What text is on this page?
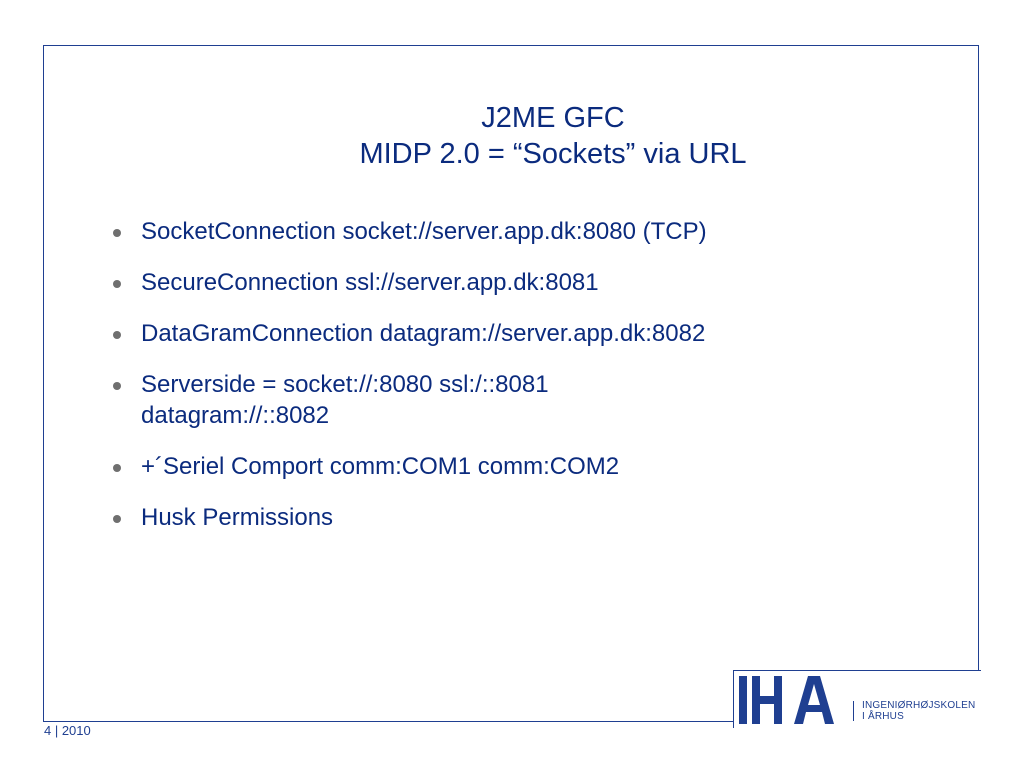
J2ME GFC
MIDP 2.0 = “Sockets” via URL
SocketConnection socket://server.app.dk:8080 (TCP)
SecureConnection ssl://server.app.dk:8081
DataGramConnection datagram://server.app.dk:8082
Serverside = socket://:8080 ssl:/::8081 datagram://::8082
+´Seriel Comport comm:COM1 comm:COM2
Husk Permissions
INGENIØRHØJSKOLEN
I ÅRHUS
4 | 2010
